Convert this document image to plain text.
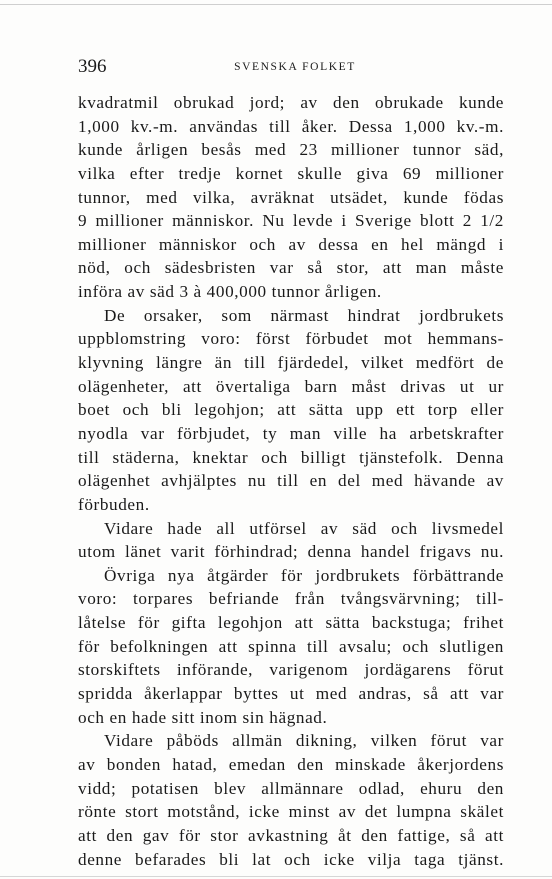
396	SVENSKA FOLKET

kvadratmil obrukad jord; av den obrukade kunde
1,000 kv.-m. användas till åker. Dessa 1,000 kv.-m.
kunde årligen besås med 23 millioner tunnor säd,
vilka efter tredje kornet skulle giva 69 millioner
tunnor, med vilka, avräknat utsädet, kunde födas
9 millioner människor. Nu levde i Sverige blott 2 1/2
millioner människor och av dessa en hel mängd i
nöd, och sädesbristen var så stor, att man måste
införa av säd 3 à 400,000 tunnor årligen.

De orsaker, som närmast hindrat jordbrukets
uppblomstring voro: först förbudet mot hemmans-
klyvning längre än till fjärdedel, vilket medfört de
olägenheter, att övertaliga barn måst drivas ut ur
boet och bli legohjon; att sätta upp ett torp eller
nyodla var förbjudet, ty man ville ha arbetskrafter
till städerna, knektar och billigt tjänstefolk. Denna
olägenhet avhjälptes nu till en del med hävande av
förbuden.

Vidare hade all utförsel av säd och livsmedel
utom länet varit förhindrad; denna handel frigavs nu.

Övriga nya åtgärder för jordbrukets förbättrande
voro: torpares befriande från tvångsvärvning; till-
låtelse för gifta legohjon att sätta backstuga; frihet
för befolkningen att spinna till avsalu; och slutligen
storskiftets införande, varigenom jordägarens förut
spridda åkerlappar byttes ut med andras, så att var
och en hade sitt inom sin hägnad.

Vidare påböds allmän dikning, vilken förut var
av bonden hatad, emedan den minskade åkerjordens
vidd; potatisen blev allmännare odlad, ehuru den
rönte stort motstånd, icke minst av det lumpna skälet
att den gav för stor avkastning åt den fattige, så att
denne befarades bli lat och icke vilja taga tjänst.
